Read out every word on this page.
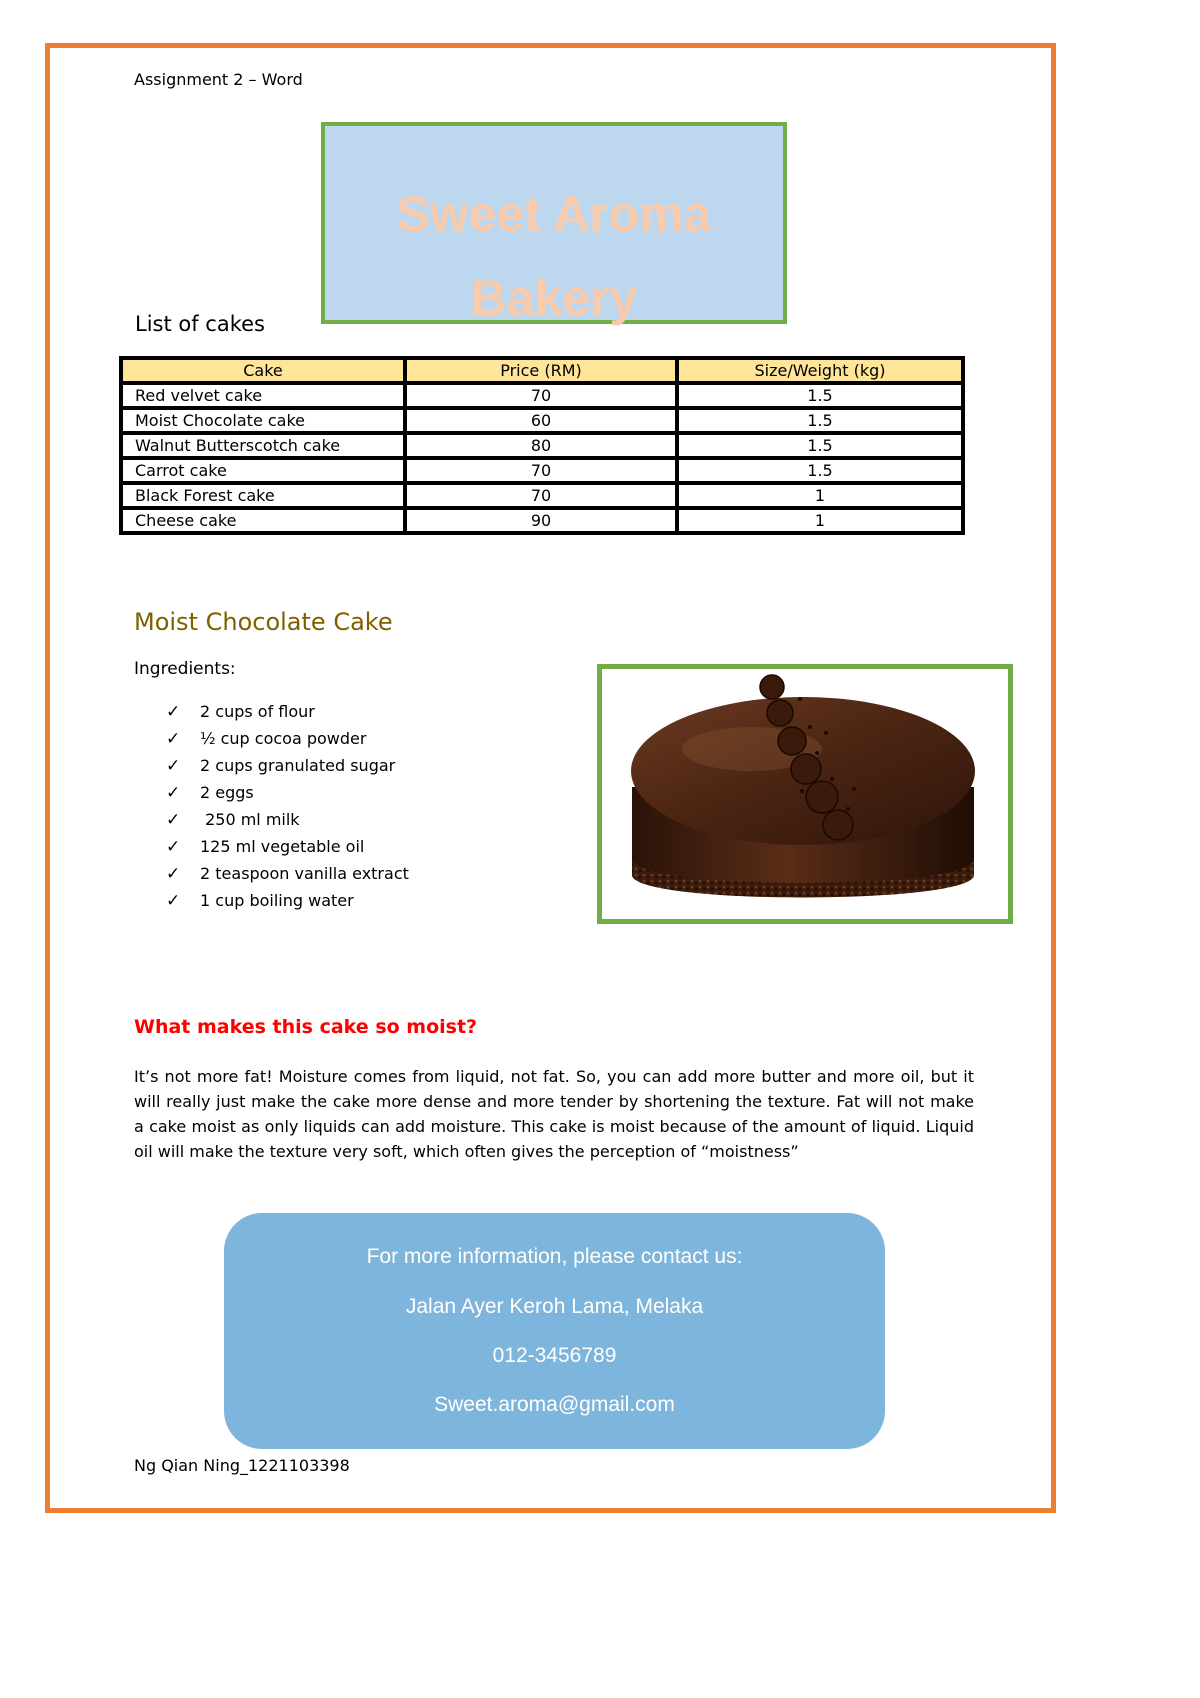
Assignment 2 – Word
Sweet Aroma
Bakery
List of cakes
Cake	Price (RM)	Size/Weight (kg)
Red velvet cake	70	1.5
Moist Chocolate cake	60	1.5
Walnut Butterscotch cake	80	1.5
Carrot cake	70	1.5
Black Forest cake	70	1
Cheese cake	90	1
Moist Chocolate Cake
Ingredients:
✓	2 cups of flour
✓	½ cup cocoa powder
✓	2 cups granulated sugar
✓	2 eggs
✓	250 ml milk
✓	125 ml vegetable oil
✓	2 teaspoon vanilla extract
✓	1 cup boiling water
What makes this cake so moist?
It’s not more fat! Moisture comes from liquid, not fat. So, you can add more butter and more oil, but it will really just make the cake more dense and more tender by shortening the texture. Fat will not make a cake moist as only liquids can add moisture. This cake is moist because of the amount of liquid. Liquid oil will make the texture very soft, which often gives the perception of “moistness”
For more information, please contact us:
Jalan Ayer Keroh Lama, Melaka
012-3456789
Sweet.aroma@gmail.com
Ng Qian Ning_1221103398
